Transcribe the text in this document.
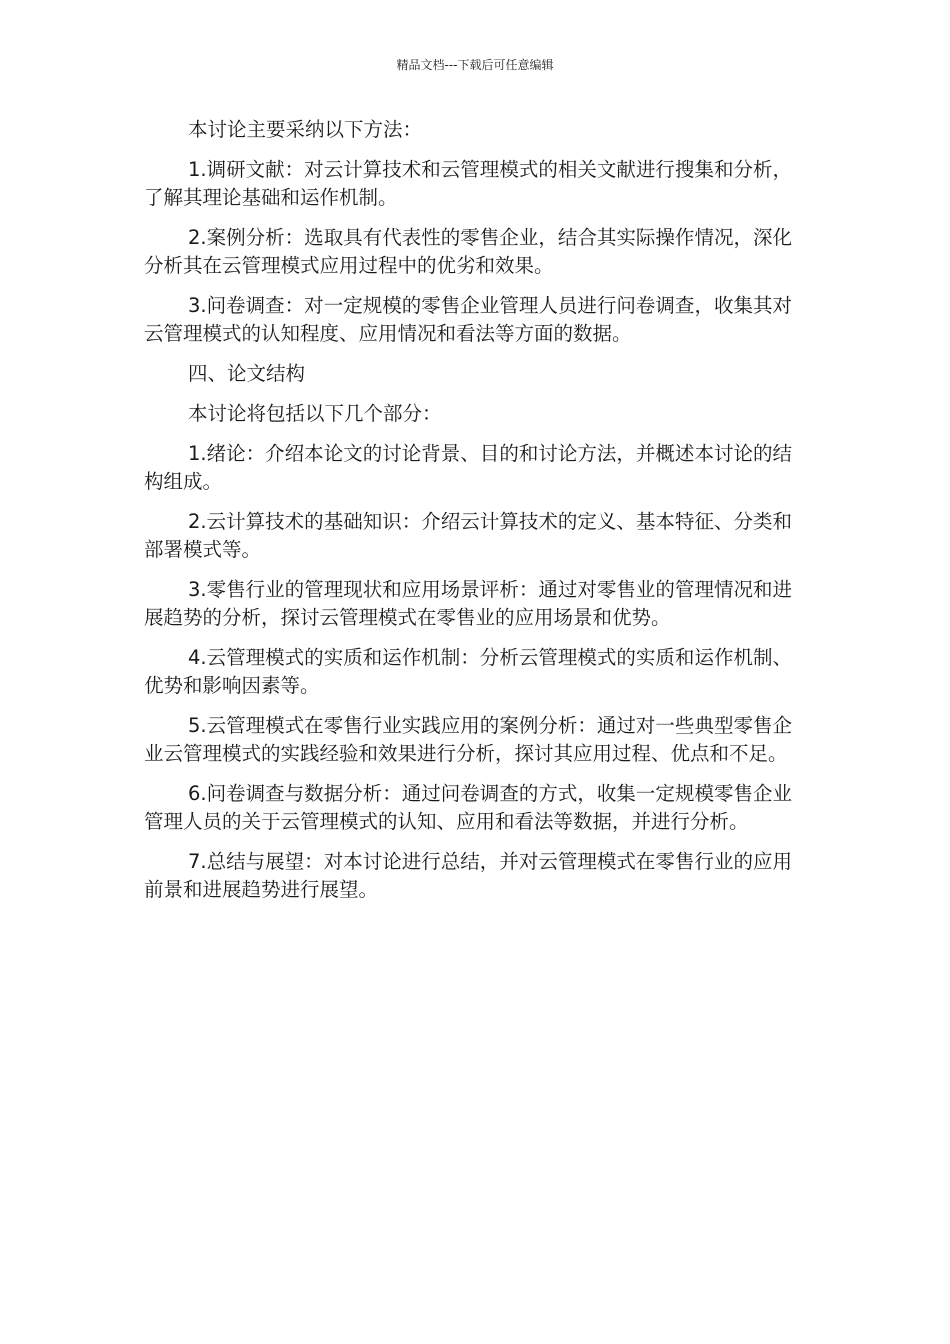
精品文档---下载后可任意编辑

本讨论主要采纳以下方法：

1.调研文献：对云计算技术和云管理模式的相关文献进行搜集和分析，了解其理论基础和运作机制。

2.案例分析：选取具有代表性的零售企业，结合其实际操作情况，深化分析其在云管理模式应用过程中的优劣和效果。

3.问卷调查：对一定规模的零售企业管理人员进行问卷调查，收集其对云管理模式的认知程度、应用情况和看法等方面的数据。

四、论文结构

本讨论将包括以下几个部分：

1.绪论：介绍本论文的讨论背景、目的和讨论方法，并概述本讨论的结构组成。

2.云计算技术的基础知识：介绍云计算技术的定义、基本特征、分类和部署模式等。

3.零售行业的管理现状和应用场景评析：通过对零售业的管理情况和进展趋势的分析，探讨云管理模式在零售业的应用场景和优势。

4.云管理模式的实质和运作机制：分析云管理模式的实质和运作机制、优势和影响因素等。

5.云管理模式在零售行业实践应用的案例分析：通过对一些典型零售企业云管理模式的实践经验和效果进行分析，探讨其应用过程、优点和不足。

6.问卷调查与数据分析：通过问卷调查的方式，收集一定规模零售企业管理人员的关于云管理模式的认知、应用和看法等数据，并进行分析。

7.总结与展望：对本讨论进行总结，并对云管理模式在零售行业的应用前景和进展趋势进行展望。
